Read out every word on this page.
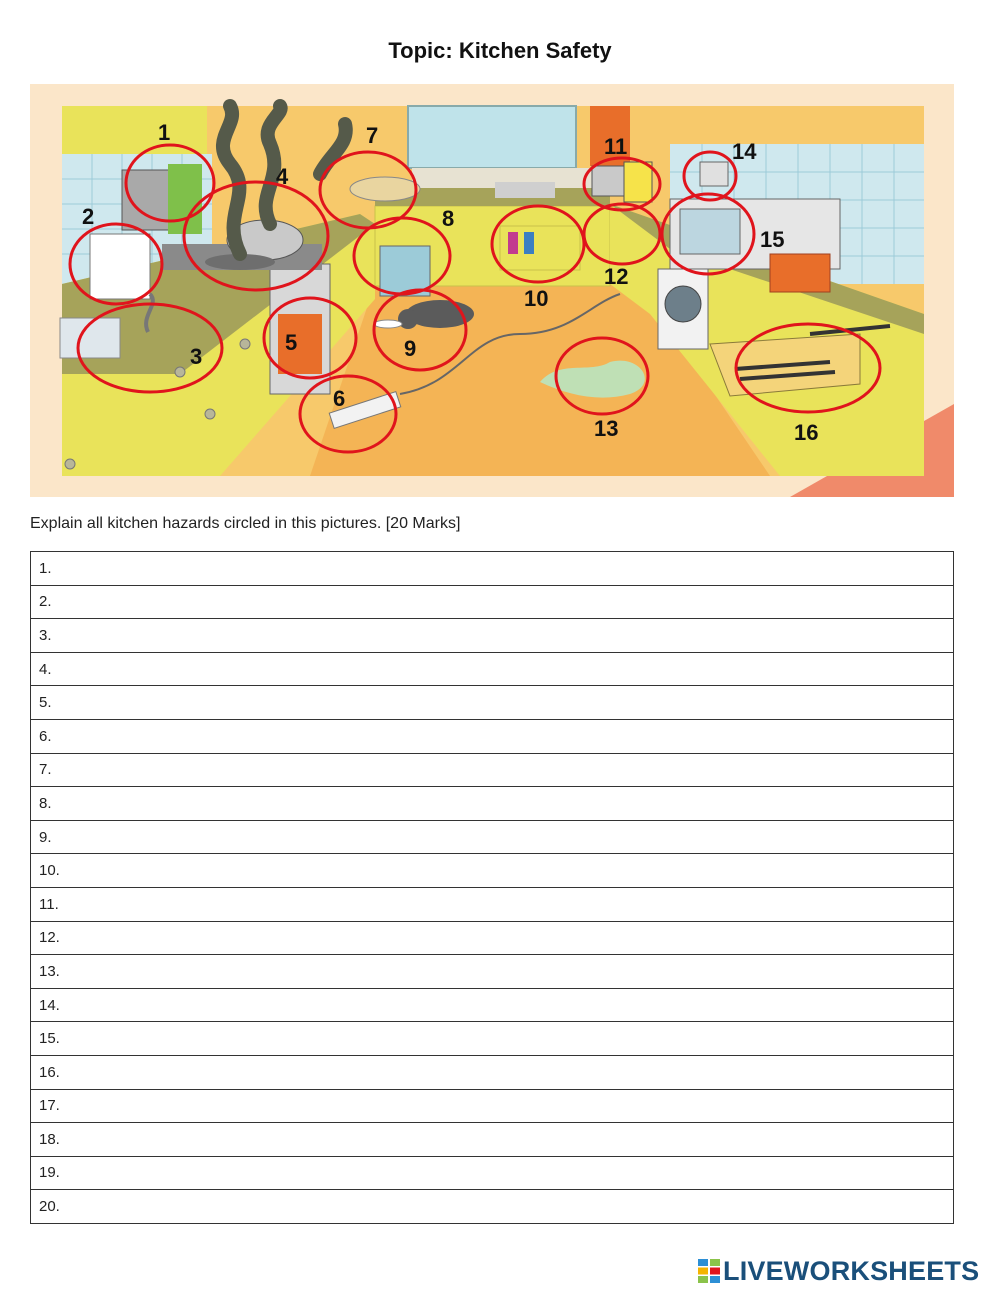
Topic: Kitchen Safety
1
2
3
4
5
6
7
8
9
10
11
12
13
14
15
16
Explain all kitchen hazards circled in this pictures. [20 Marks]
1.
2.
3.
4.
5.
6.
7.
8.
9.
10.
11.
12.
13.
14.
15.
16.
17.
18.
19.
20.
LIVEWORKSHEETS
